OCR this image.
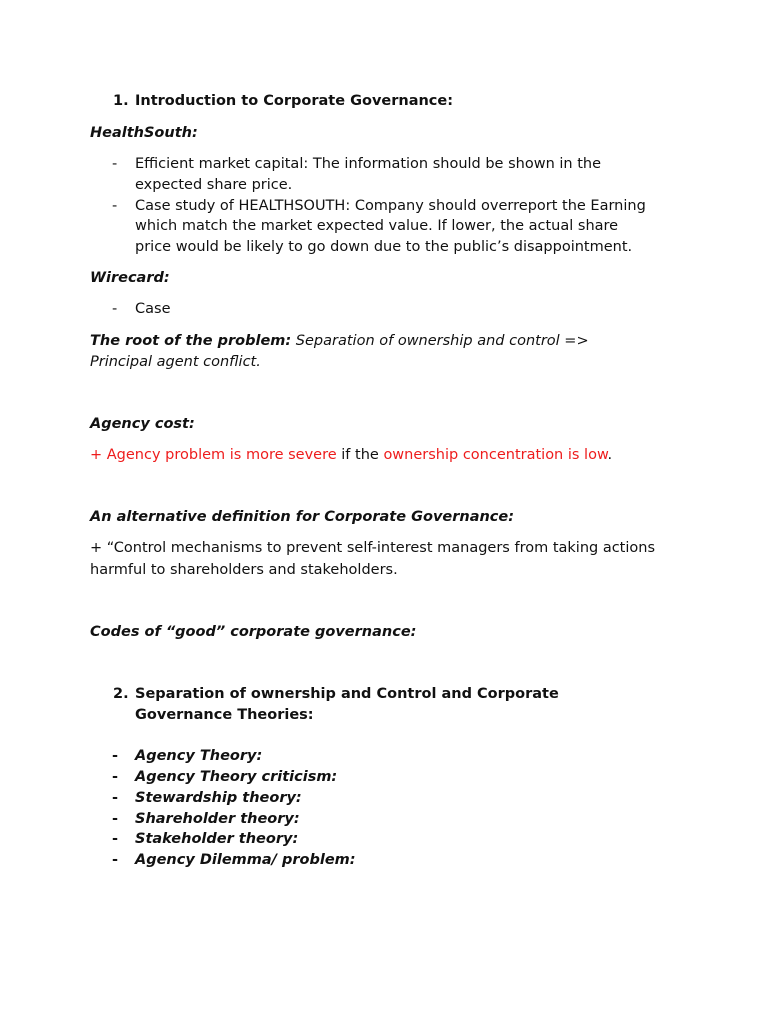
1. Introduction to Corporate Governance:
HealthSouth:
- Efficient market capital: The information should be shown in the
expected share price.
- Case study of HEALTHSOUTH: Company should overreport the Earning
which match the market expected value. If lower, the actual share
price would be likely to go down due to the public’s disappointment.
Wirecard:
- Case
The root of the problem: Separation of ownership and control =>
Principal agent conflict.
Agency cost:
+ Agency problem is more severe if the ownership concentration is low.
An alternative definition for Corporate Governance:
+ “Control mechanisms to prevent self-interest managers from taking actions
harmful to shareholders and stakeholders.
Codes of “good” corporate governance:
2. Separation of ownership and Control and Corporate
Governance Theories:
- Agency Theory:
- Agency Theory criticism:
- Stewardship theory:
- Shareholder theory:
- Stakeholder theory:
- Agency Dilemma/ problem:
